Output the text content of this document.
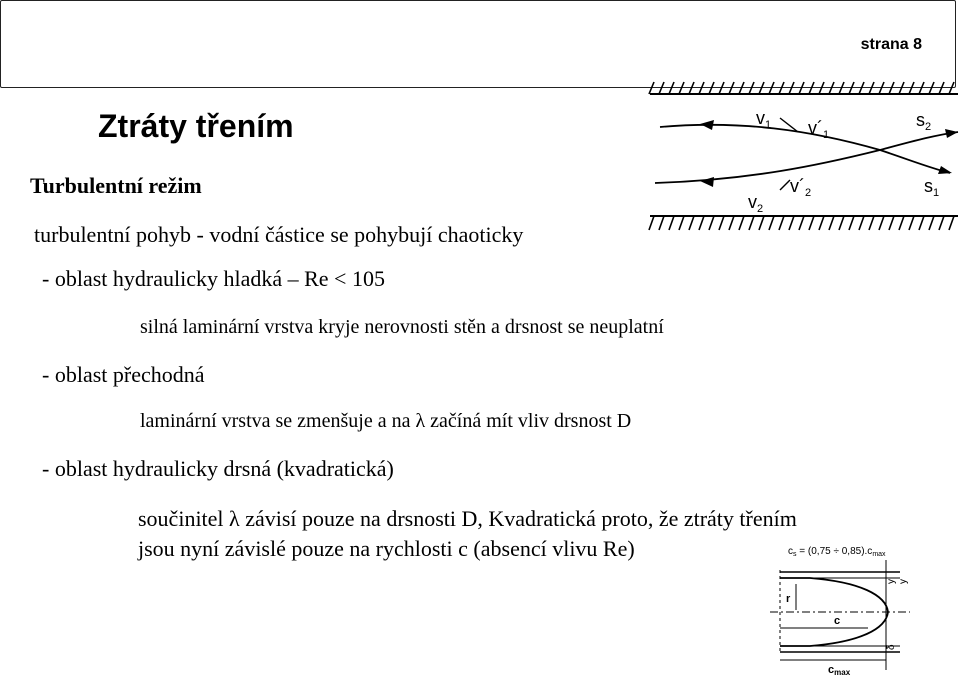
strana 8
Ztráty třením
Turbulentní režim
turbulentní pohyb - vodní částice se pohybují chaoticky
- oblast hydraulicky hladká – Re < 105
silná laminární vrstva kryje nerovnosti stěn a drsnost se neuplatní
- oblast přechodná
laminární vrstva se zmenšuje a na λ začíná mít vliv drsnost D
- oblast hydraulicky drsná (kvadratická)
součinitel λ závisí pouze na drsnosti D, Kvadratická proto, že ztráty třením
jsou nyní závislé pouze na rychlosti c (absencí vlivu Re)
$v_1$ $v´_1$
$s_2$
$v´_2$
$v_2$
$s_1$
$c_s = (0,75 \div 0,85).c_{max}$
r
c
cmax
y y
δ
